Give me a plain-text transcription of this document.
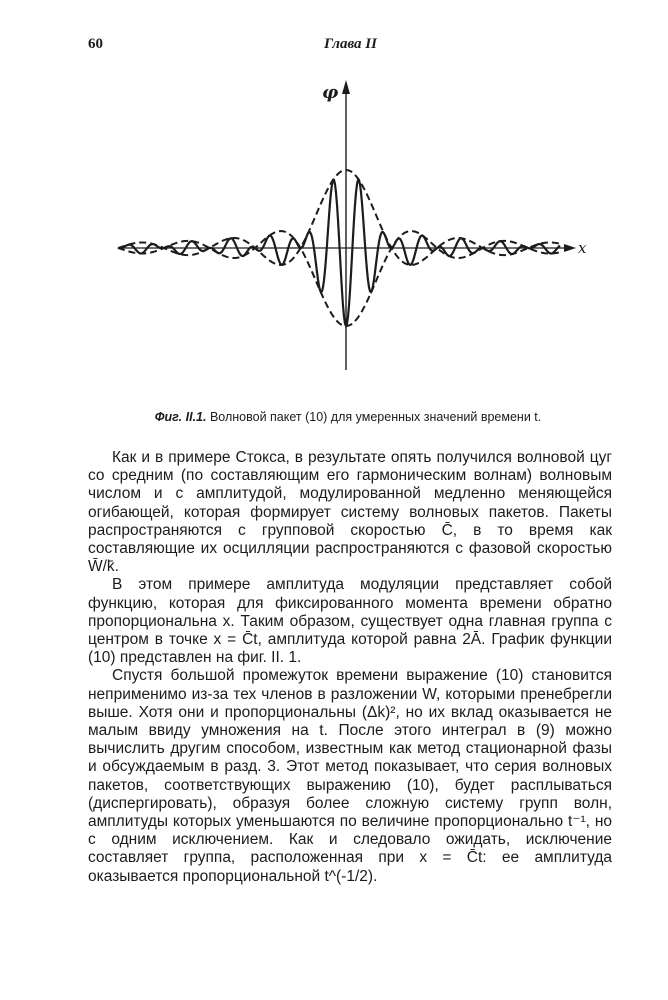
60	Глава II
φ
x
Фиг. II.1. Волновой пакет (10) для умеренных значений времени t.

Как и в примере Стокса, в результате опять получился волновой цуг со средним (по составляющим его гармоническим волнам) волновым числом и с амплитудой, модулированной медленно меняющейся огибающей, которая формирует систему волновых пакетов. Пакеты распространяются с групповой скоростью C̄, в то время как составляющие их осцилляции распространяются с фазовой скоростью W̄/k̄.

В этом примере амплитуда модуляции представляет собой функцию, которая для фиксированного момента времени обратно пропорциональна x. Таким образом, существует одна главная группа с центром в точке x = C̄t, амплитуда которой равна 2Ā. График функции (10) представлен на фиг. II. 1.

Спустя большой промежуток времени выражение (10) становится неприменимо из-за тех членов в разложении W, которыми пренебрегли выше. Хотя они и пропорциональны (Δk)², но их вклад оказывается не малым ввиду умножения на t. После этого интеграл в (9) можно вычислить другим способом, известным как метод стационарной фазы и обсуждаемым в разд. 3. Этот метод показывает, что серия волновых пакетов, соответствующих выражению (10), будет расплываться (диспергировать), образуя более сложную систему групп волн, амплитуды которых уменьшаются по величине пропорционально t⁻¹, но с одним исключением. Как и следовало ожидать, исключение составляет группа, расположенная при x = C̄t: ее амплитуда оказывается пропорциональной t^(-1/2).
